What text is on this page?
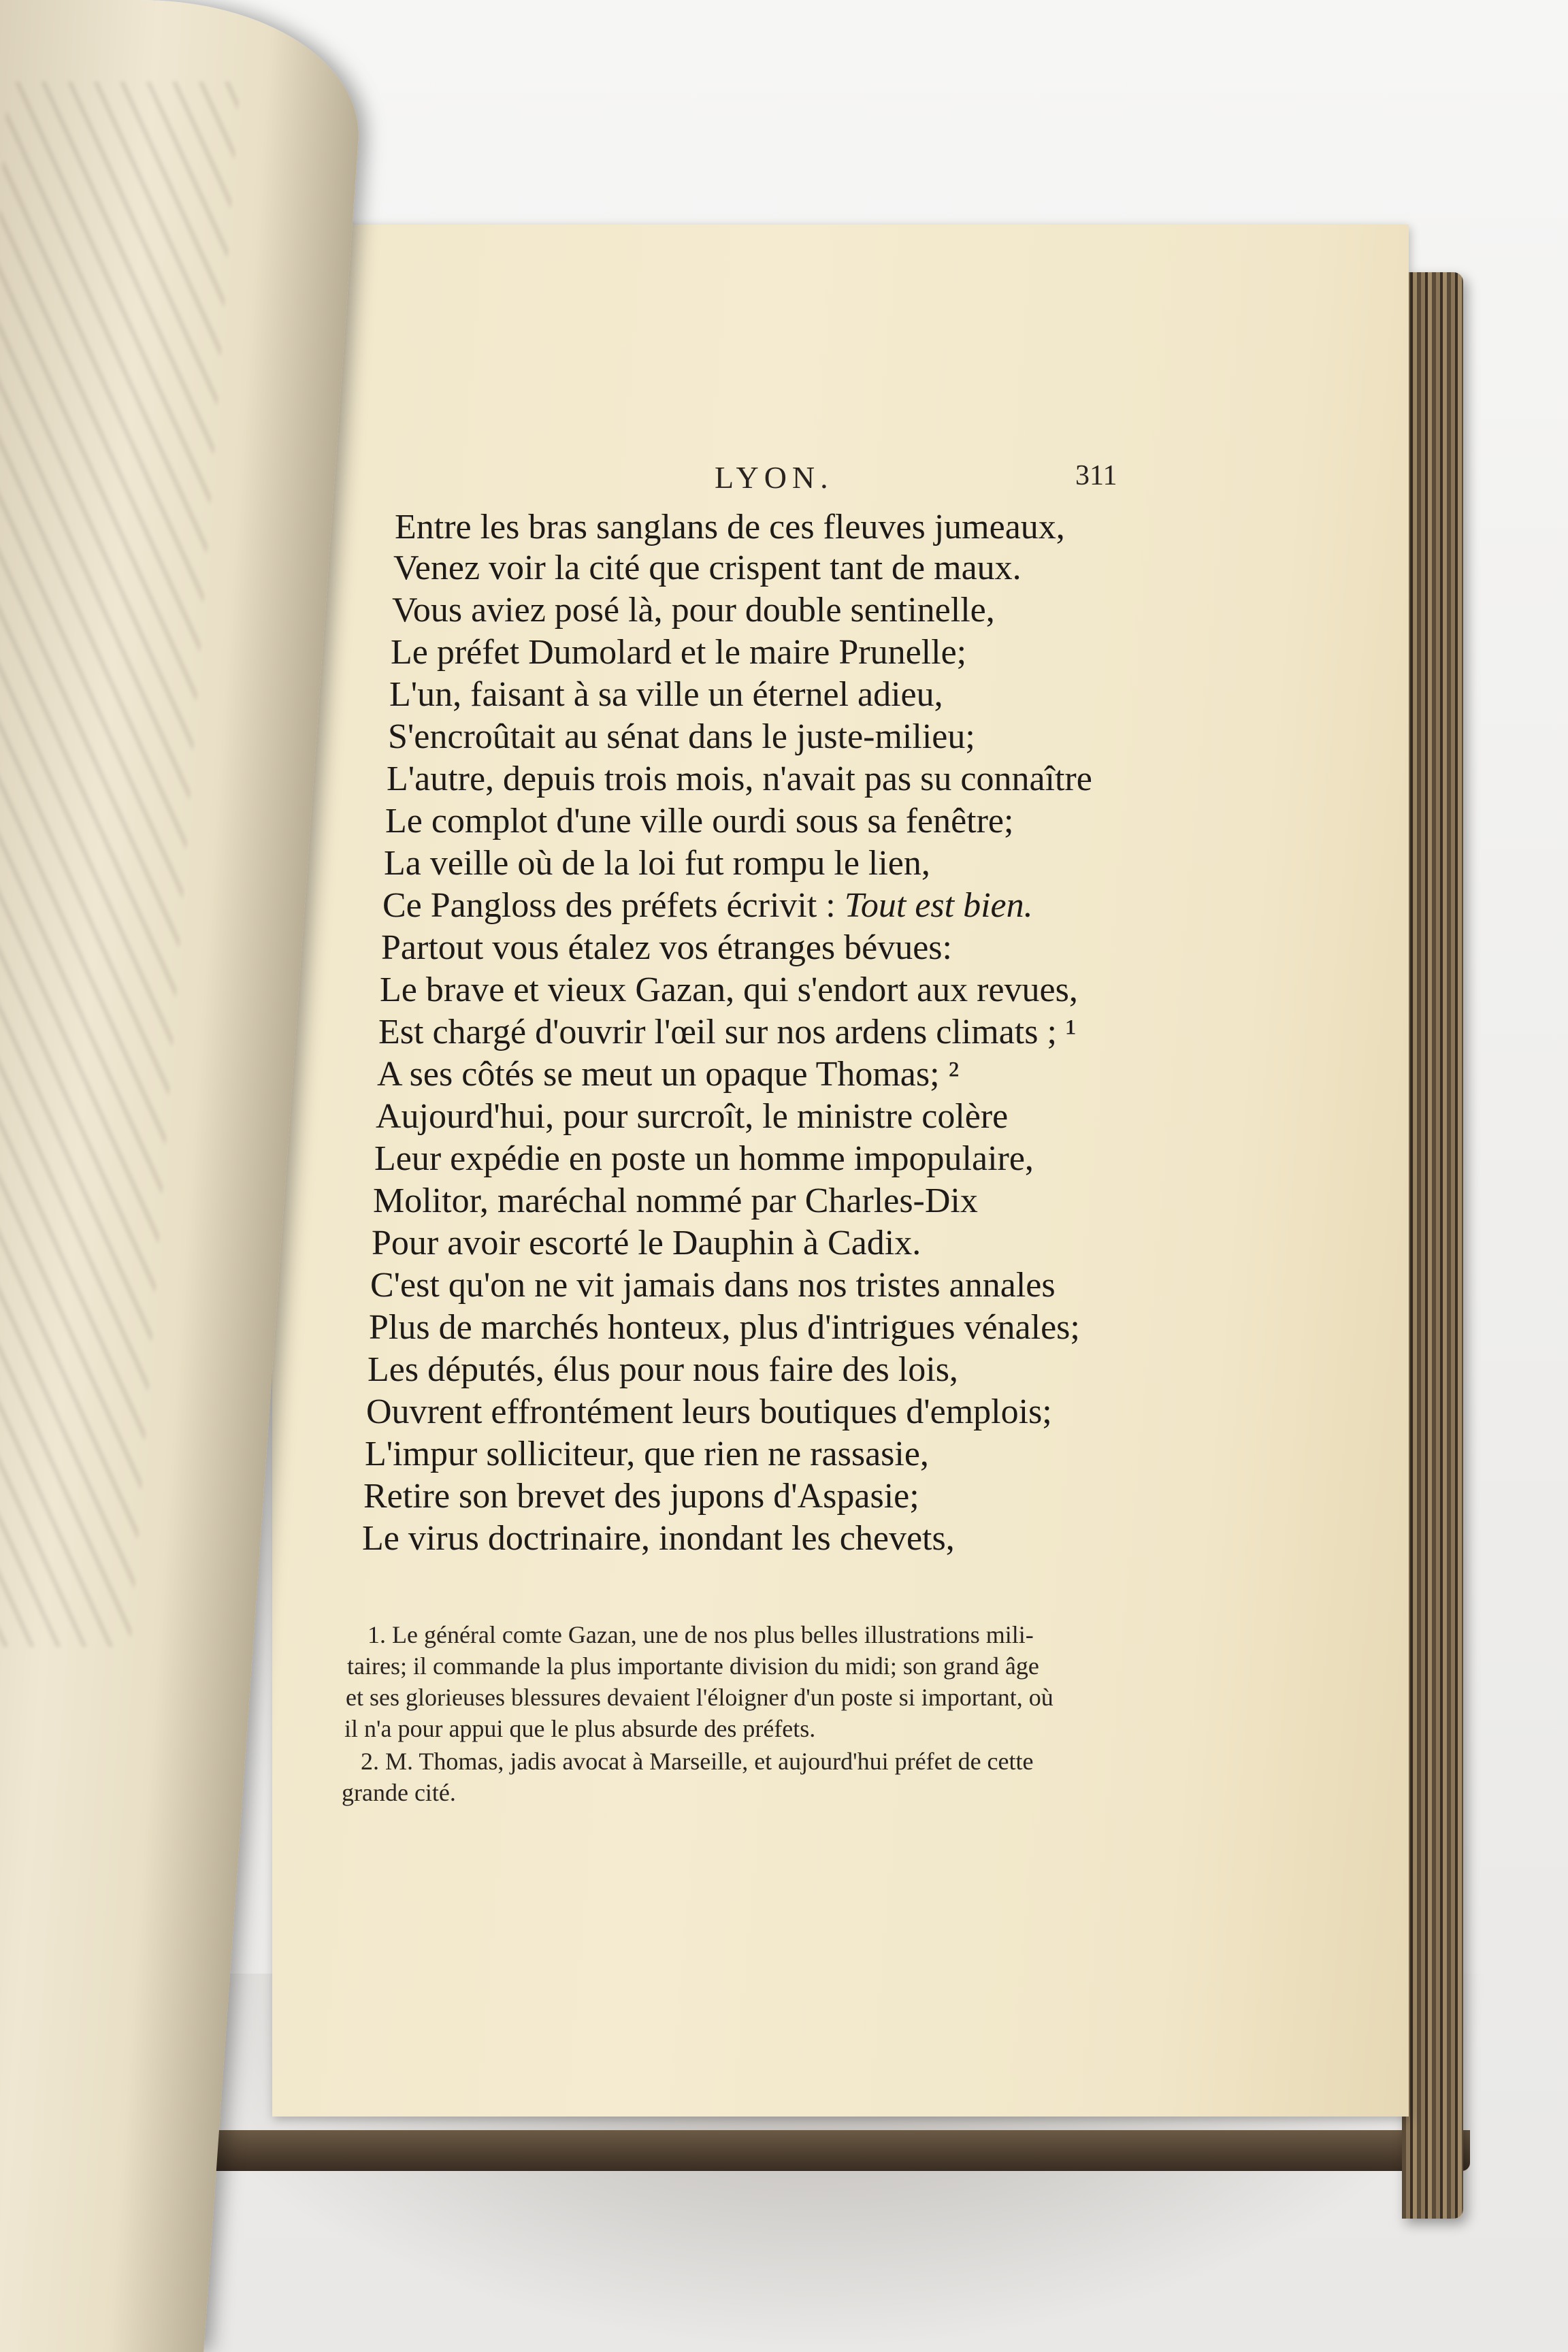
LYON.	311
Entre les bras sanglans de ces fleuves jumeaux,
Venez voir la cité que crispent tant de maux.
Vous aviez posé là, pour double sentinelle,
Le préfet Dumolard et le maire Prunelle;
L'un, faisant à sa ville un éternel adieu,
S'encroûtait au sénat dans le juste-milieu;
L'autre, depuis trois mois, n'avait pas su connaître
Le complot d'une ville ourdi sous sa fenêtre;
La veille où de la loi fut rompu le lien,
Ce Pangloss des préfets écrivit : Tout est bien.
Partout vous étalez vos étranges bévues:
Le brave et vieux Gazan, qui s'endort aux revues,
Est chargé d'ouvrir l'œil sur nos ardens climats ; ¹
A ses côtés se meut un opaque Thomas; ²
Aujourd'hui, pour surcroît, le ministre colère
Leur expédie en poste un homme impopulaire,
Molitor, maréchal nommé par Charles-Dix
Pour avoir escorté le Dauphin à Cadix.
C'est qu'on ne vit jamais dans nos tristes annales
Plus de marchés honteux, plus d'intrigues vénales;
Les députés, élus pour nous faire des lois,
Ouvrent effrontément leurs boutiques d'emplois;
L'impur solliciteur, que rien ne rassasie,
Retire son brevet des jupons d'Aspasie;
Le virus doctrinaire, inondant les chevets,
1. Le général comte Gazan, une de nos plus belles illustrations mili-
taires; il commande la plus importante division du midi; son grand âge
et ses glorieuses blessures devaient l'éloigner d'un poste si important, où
il n'a pour appui que le plus absurde des préfets.
2. M. Thomas, jadis avocat à Marseille, et aujourd'hui préfet de cette
grande cité.
